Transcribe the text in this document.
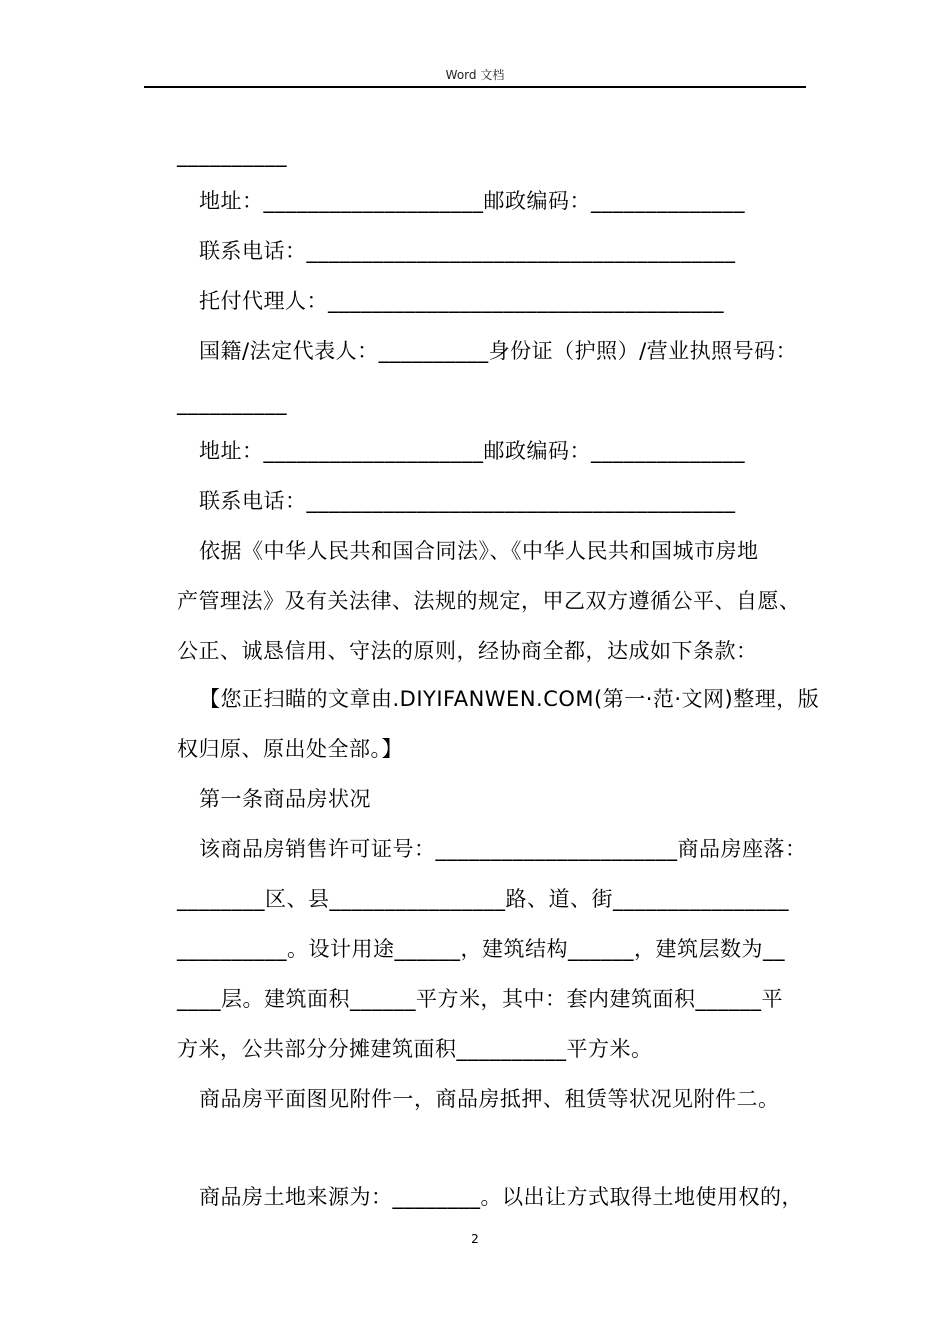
Word 文档
__________
地址：____________________邮政编码：______________
联系电话：_______________________________________
托付代理人：____________________________________
国籍/法定代表人：__________身份证（护照）/营业执照号码：
__________
地址：____________________邮政编码：______________
联系电话：_______________________________________
依据《中华人民共和国合同法》、《中华人民共和国城市房地
产管理法》及有关法律、法规的规定，甲乙双方遵循公平、自愿、
公正、诚恳信用、守法的原则，经协商全都，达成如下条款：
【您正扫瞄的文章由.DIYIFANWEN.COM(第一·范·文网)整理，版
权归原、原出处全部。】
第一条商品房状况
该商品房销售许可证号：______________________商品房座落：
________区、县________________路、道、街________________
__________。设计用途______，建筑结构______，建筑层数为__
____层。建筑面积______平方米，其中：套内建筑面积______平
方米，公共部分分摊建筑面积__________平方米。
商品房平面图见附件一，商品房抵押、租赁等状况见附件二。
商品房土地来源为：________。以出让方式取得土地使用权的，
2
